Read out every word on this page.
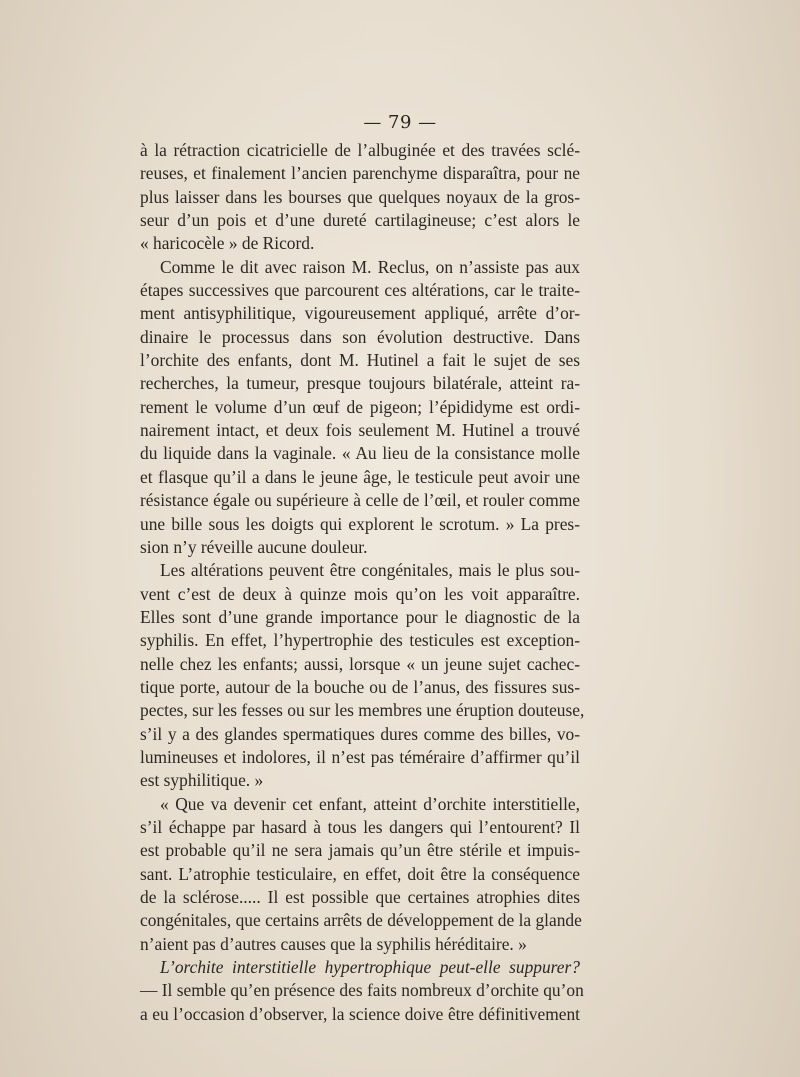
— 79 —
à la rétraction cicatricielle de l’albuginée et des travées sclé-
reuses, et finalement l’ancien parenchyme disparaîtra, pour ne
plus laisser dans les bourses que quelques noyaux de la gros-
seur d’un pois et d’une dureté cartilagineuse; c’est alors le
« haricocèle » de Ricord.
Comme le dit avec raison M. Reclus, on n’assiste pas aux
étapes successives que parcourent ces altérations, car le traite-
ment antisyphilitique, vigoureusement appliqué, arrête d’or-
dinaire le processus dans son évolution destructive. Dans
l’orchite des enfants, dont M. Hutinel a fait le sujet de ses
recherches, la tumeur, presque toujours bilatérale, atteint ra-
rement le volume d’un œuf de pigeon; l’épididyme est ordi-
nairement intact, et deux fois seulement M. Hutinel a trouvé
du liquide dans la vaginale. « Au lieu de la consistance molle
et flasque qu’il a dans le jeune âge, le testicule peut avoir une
résistance égale ou supérieure à celle de l’œil, et rouler comme
une bille sous les doigts qui explorent le scrotum. » La pres-
sion n’y réveille aucune douleur.
Les altérations peuvent être congénitales, mais le plus sou-
vent c’est de deux à quinze mois qu’on les voit apparaître.
Elles sont d’une grande importance pour le diagnostic de la
syphilis. En effet, l’hypertrophie des testicules est exception-
nelle chez les enfants; aussi, lorsque « un jeune sujet cachec-
tique porte, autour de la bouche ou de l’anus, des fissures sus-
pectes, sur les fesses ou sur les membres une éruption douteuse,
s’il y a des glandes spermatiques dures comme des billes, vo-
lumineuses et indolores, il n’est pas téméraire d’affirmer qu’il
est syphilitique. »
« Que va devenir cet enfant, atteint d’orchite interstitielle,
s’il échappe par hasard à tous les dangers qui l’entourent? Il
est probable qu’il ne sera jamais qu’un être stérile et impuis-
sant. L’atrophie testiculaire, en effet, doit être la conséquence
de la sclérose..... Il est possible que certaines atrophies dites
congénitales, que certains arrêts de développement de la glande
n’aient pas d’autres causes que la syphilis héréditaire. »
L’orchite interstitielle hypertrophique peut-elle suppurer?
— Il semble qu’en présence des faits nombreux d’orchite qu’on
a eu l’occasion d’observer, la science doive être définitivement
